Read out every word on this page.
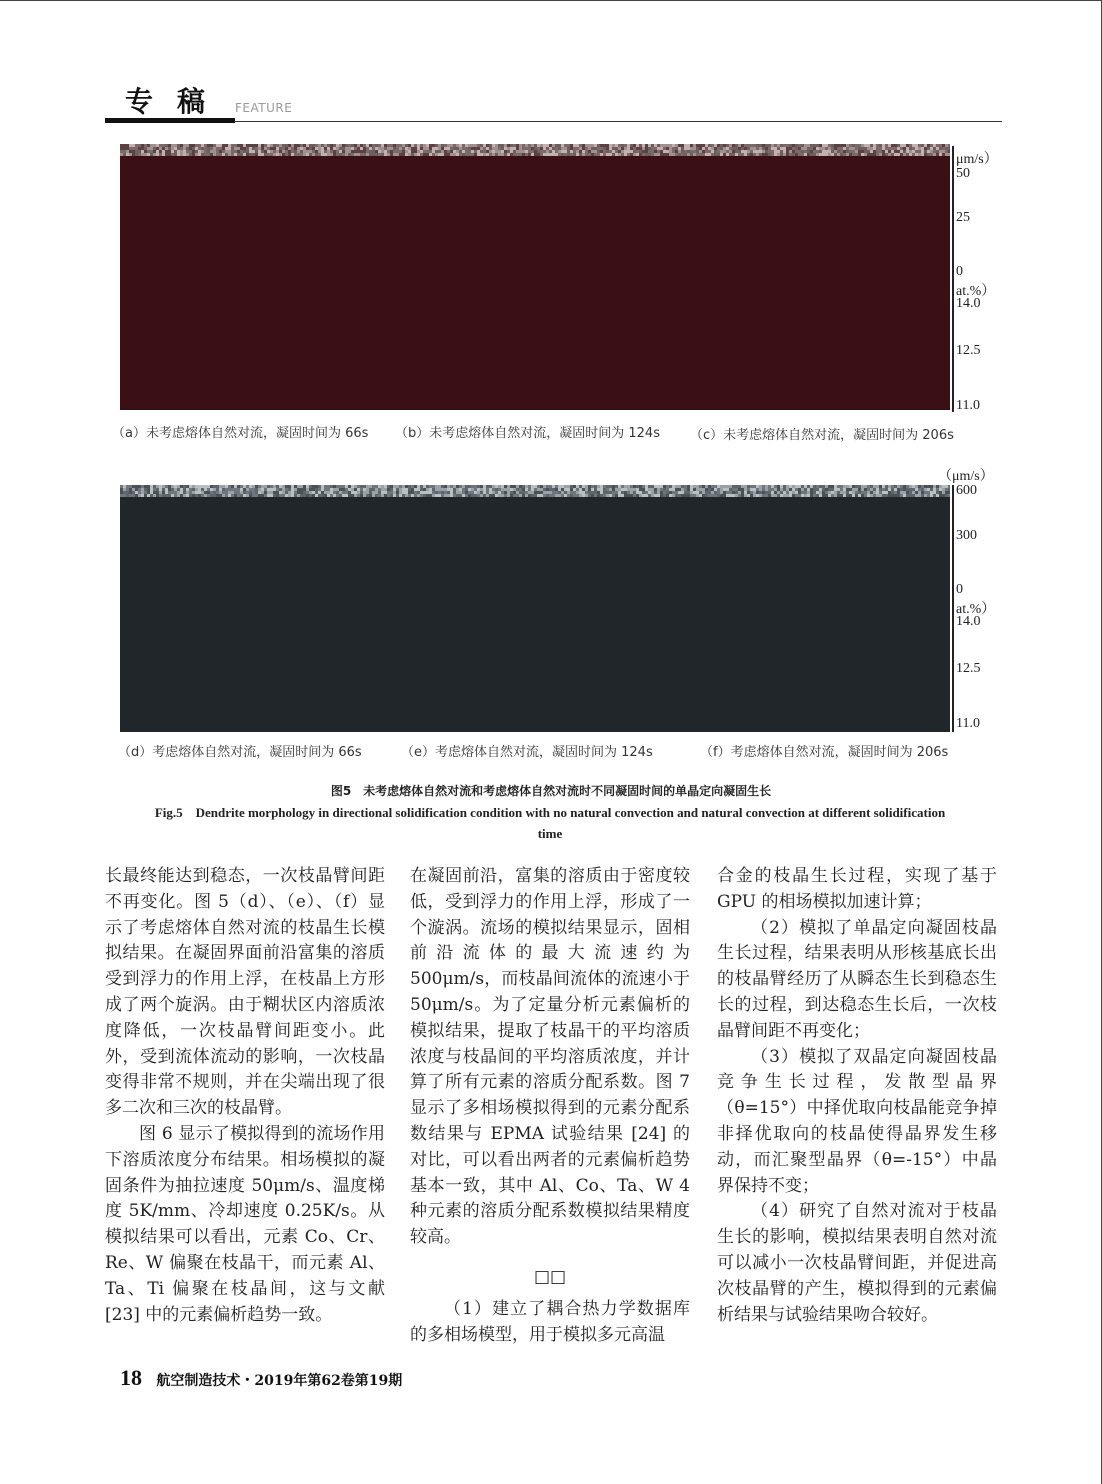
专稿 FEATURE
μm/s）
50
25
0
at.%）
14.0
12.5
11.0
（a）未考虑熔体自然对流，凝固时间为 66s （b）未考虑熔体自然对流，凝固时间为 124s （c）未考虑熔体自然对流，凝固时间为 206s
（μm/s）
600
300
0
at.%）
14.0
12.5
11.0
（d）考虑熔体自然对流，凝固时间为 66s	（e）考虑熔体自然对流，凝固时间为 124s	（f）考虑熔体自然对流，凝固时间为 206s
图5　未考虑熔体自然对流和考虑熔体自然对流时不同凝固时间的单晶定向凝固生长
Fig.5　Dendrite morphology in directional solidification condition with no natural convection and natural convection at different solidification time

长最终能达到稳态，一次枝晶臂间距不再变化。图 5（d）、（e）、（f）显示了考虑熔体自然对流的枝晶生长模拟结果。在凝固界面前沿富集的溶质受到浮力的作用上浮，在枝晶上方形成了两个旋涡。由于糊状区内溶质浓度降低，一次枝晶臂间距变小。此外，受到流体流动的影响，一次枝晶变得非常不规则，并在尖端出现了很多二次和三次的枝晶臂。

图 6 显示了模拟得到的流场作用下溶质浓度分布结果。相场模拟的凝固条件为抽拉速度 50μm/s、温度梯度 5K/mm、冷却速度 0.25K/s。从模拟结果可以看出，元素 Co、Cr、Re、W 偏聚在枝晶干，而元素 Al、Ta、Ti 偏聚在枝晶间，这与文献 [23] 中的元素偏析趋势一致。

在凝固前沿，富集的溶质由于密度较低，受到浮力的作用上浮，形成了一个漩涡。流场的模拟结果显示，固相前沿流体的最大流速约为 500μm/s，而枝晶间流体的流速小于 50μm/s。为了定量分析元素偏析的模拟结果，提取了枝晶干的平均溶质浓度与枝晶间的平均溶质浓度，并计算了所有元素的溶质分配系数。图 7 显示了多相场模拟得到的元素分配系数结果与 EPMA 试验结果 [24] 的对比，可以看出两者的元素偏析趋势基本一致，其中 Al、Co、Ta、W 4 种元素的溶质分配系数模拟结果精度较高。

□□

（1）建立了耦合热力学数据库的多相场模型，用于模拟多元高温

合金的枝晶生长过程，实现了基于 GPU 的相场模拟加速计算；

（2）模拟了单晶定向凝固枝晶生长过程，结果表明从形核基底长出的枝晶臂经历了从瞬态生长到稳态生长的过程，到达稳态生长后，一次枝晶臂间距不再变化；

（3）模拟了双晶定向凝固枝晶竞争生长过程，发散型晶界（θ=15°）中择优取向枝晶能竞争掉非择优取向的枝晶使得晶界发生移动，而汇聚型晶界（θ=-15°）中晶界保持不变；

（4）研究了自然对流对于枝晶生长的影响，模拟结果表明自然对流可以减小一次枝晶臂间距，并促进高次枝晶臂的产生，模拟得到的元素偏析结果与试验结果吻合较好。

18 航空制造技术・2019年第62卷第19期
